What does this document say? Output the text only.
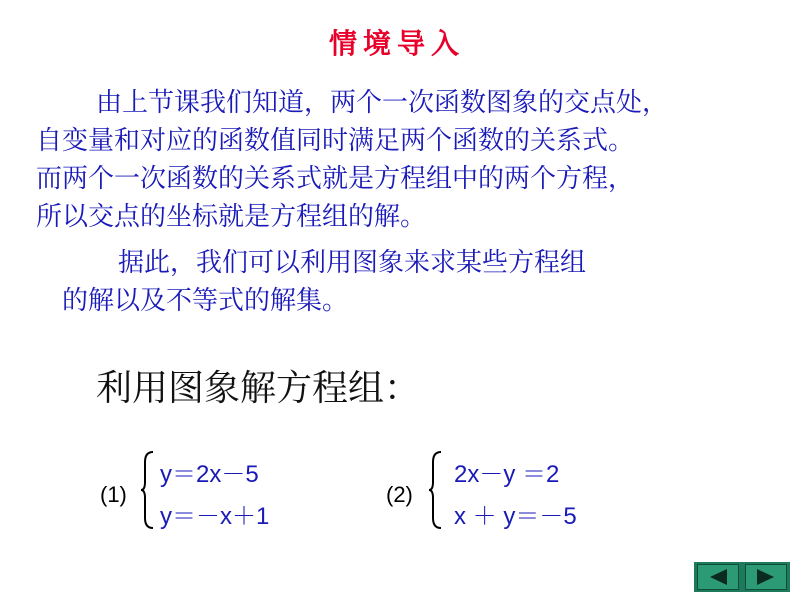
情境导入
由上节课我们知道，两个一次函数图象的交点处，
自变量和对应的函数值同时满足两个函数的关系式。
而两个一次函数的关系式就是方程组中的两个方程，
所以交点的坐标就是方程组的解。
据此，我们可以利用图象来求某些方程组
的解以及不等式的解集。
利用图象解方程组：
(1)
y＝2x－5
y＝－x＋1
(2)
2x－y ＝2
x ＋ y＝－5
